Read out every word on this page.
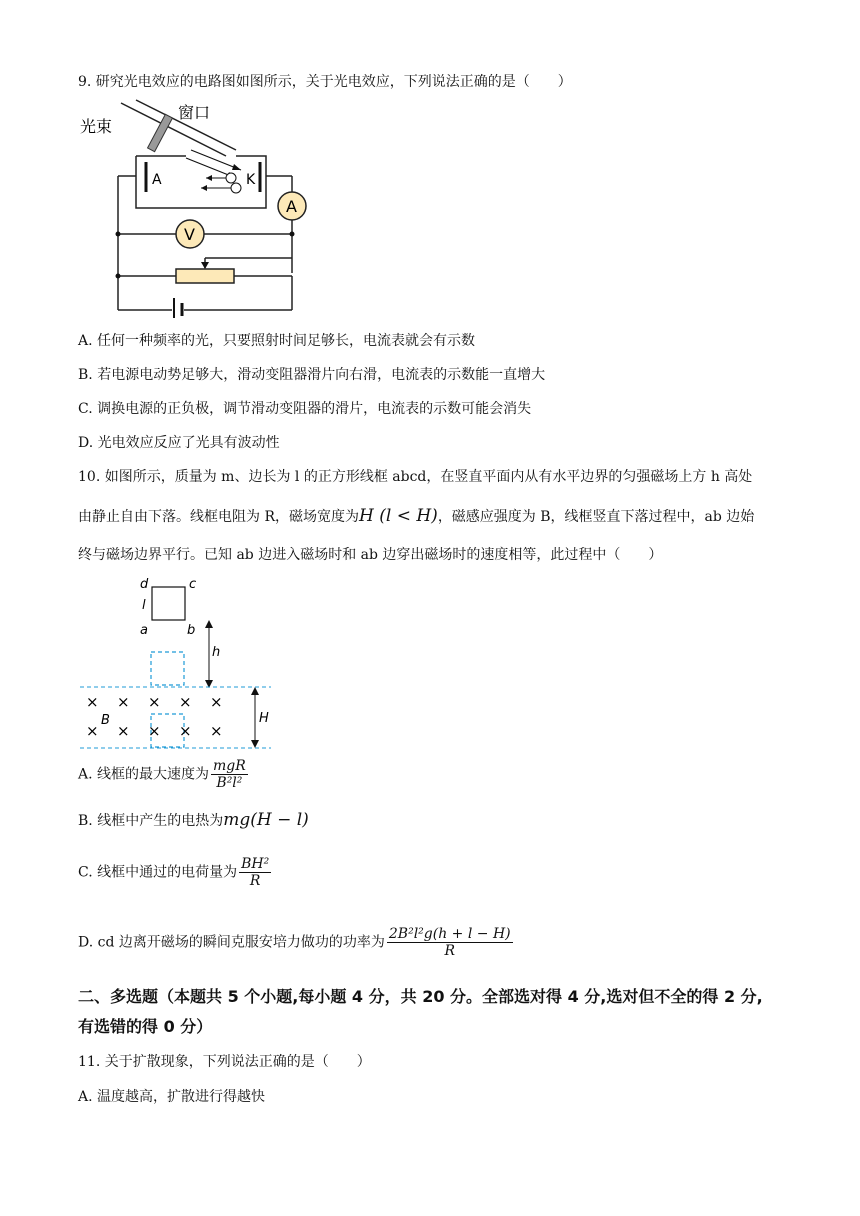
9. 研究光电效应的电路图如图所示，关于光电效应，下列说法正确的是（　　）
A	K
光束
窗口
A
V
A. 任何一种频率的光，只要照射时间足够长，电流表就会有示数
B. 若电源电动势足够大，滑动变阻器滑片向右滑，电流表的示数能一直增大
C. 调换电源的正负极，调节滑动变阻器的滑片，电流表的示数可能会消失
D. 光电效应反应了光具有波动性
10. 如图所示，质量为 m、边长为 l 的正方形线框 abcd，在竖直平面内从有水平边界的匀强磁场上方 h 高处
由静止自由下落。线框电阻为 R，磁场宽度为H (l < H)，磁感应强度为 B，线框竖直下落过程中，ab 边始
终与磁场边界平行。已知 ab 边进入磁场时和 ab 边穿出磁场时的速度相等，此过程中（　　）
d	c
l
a	b
h
H
× × × × ×
× × × × ×
B
A. 线框的最大速度为 $\frac{\text{mgR}}{\text{B²l²}}$
B. 线框中产生的电热为mg(H − l)
C. 线框中通过的电荷量为 $\frac{\text{BH²}}{R}$
D. cd 边离开磁场的瞬间克服安培力做功的功率为 $\frac{\text{2B²l²g(h + l − H)}}{R}$
二、多选题（本题共 5 个小题,每小题 4 分，共 20 分。全部选对得 4 分,选对但不全的得 2 分,
有选错的得 0 分）
11. 关于扩散现象，下列说法正确的是（　　）
A. 温度越高，扩散进行得越快
